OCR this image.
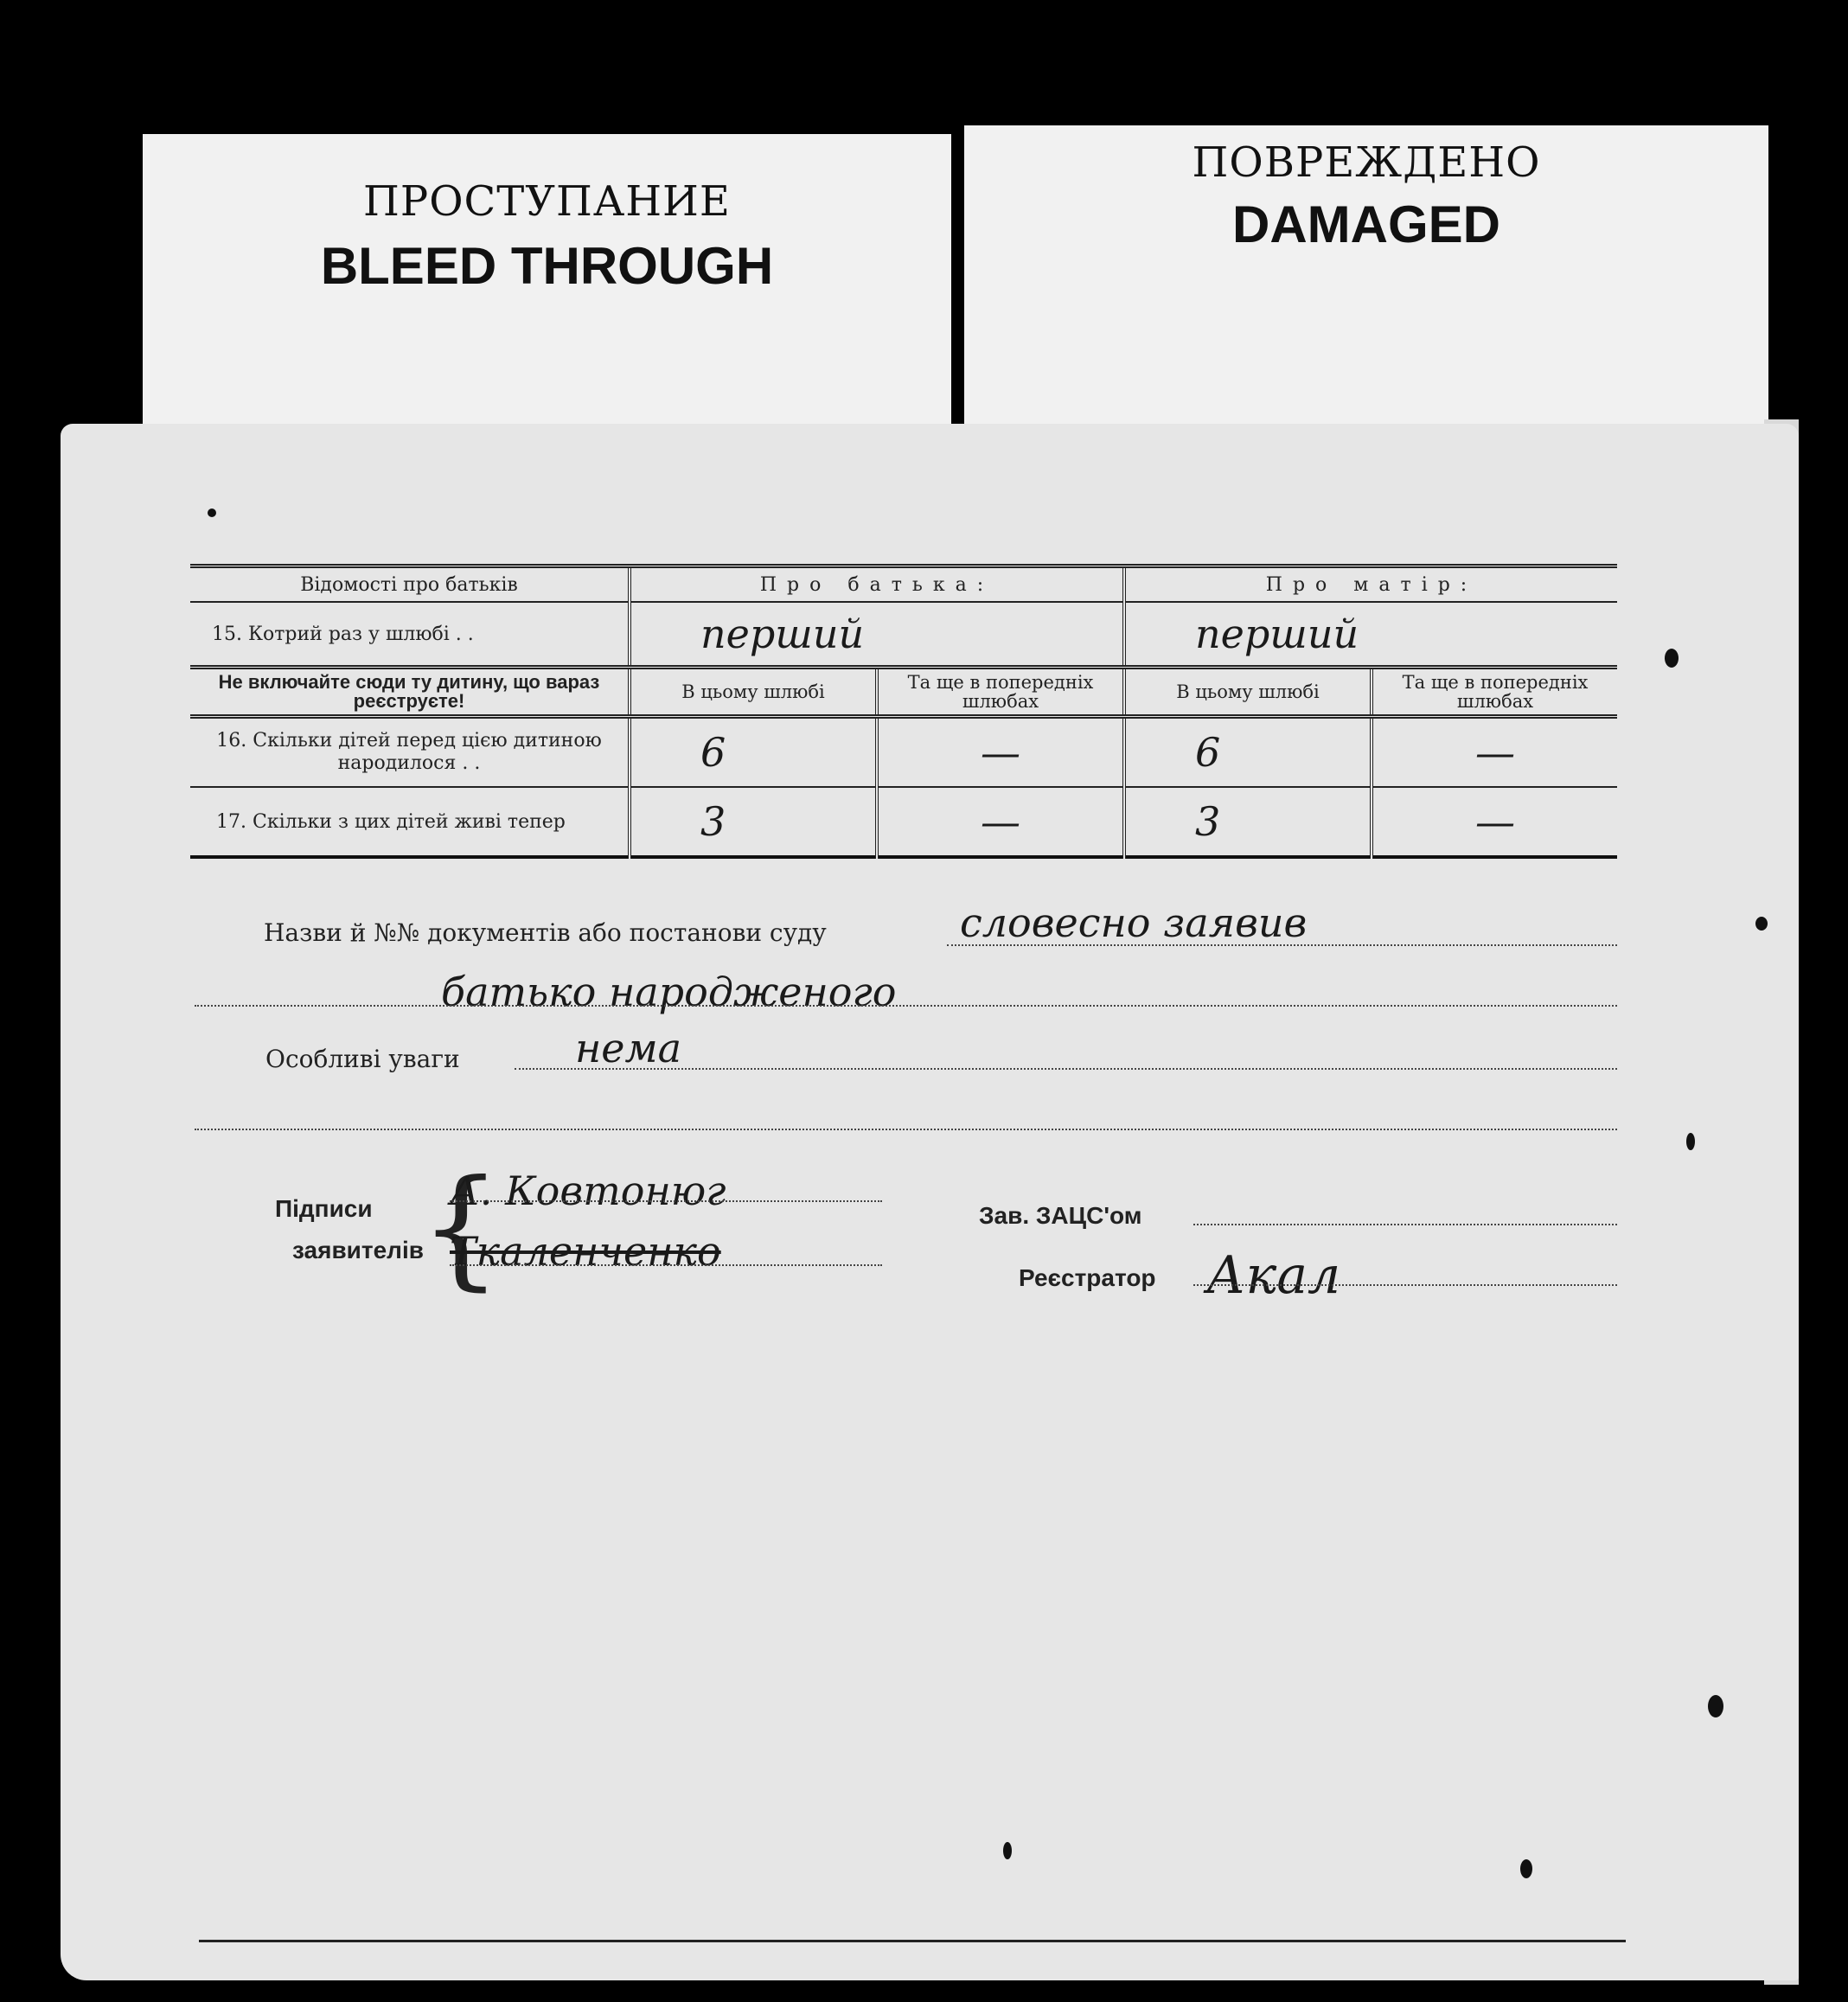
ПРОСТУПАНИЕ
BLEED THROUGH
ПОВРЕЖДЕНО
DAMAGED
Відомості про батьків	Про батька:		Про матір:	
15. Котрий раз у шлюбі . .	перший		перший	
Не включайте сюди ту дитину, що вараз реєструєте!	В цьому шлюбі	Та ще в попередніх шлюбах	В цьому шлюбі	Та ще в попередніх шлюбах
16. Скільки дітей перед цією дитиною народилося . .	6	—	6	—
17. Скільки з цих дітей живі тепер	3	—	3	—
Назви й №№ документів або постанови суду	словесно заявив
батько народженого
Особливі уваги	нема
Підписи
заявителів
{
А. Ковтонюг
Ткаленченко
Зав. ЗАЦС'ом
Реєстратор Акал
